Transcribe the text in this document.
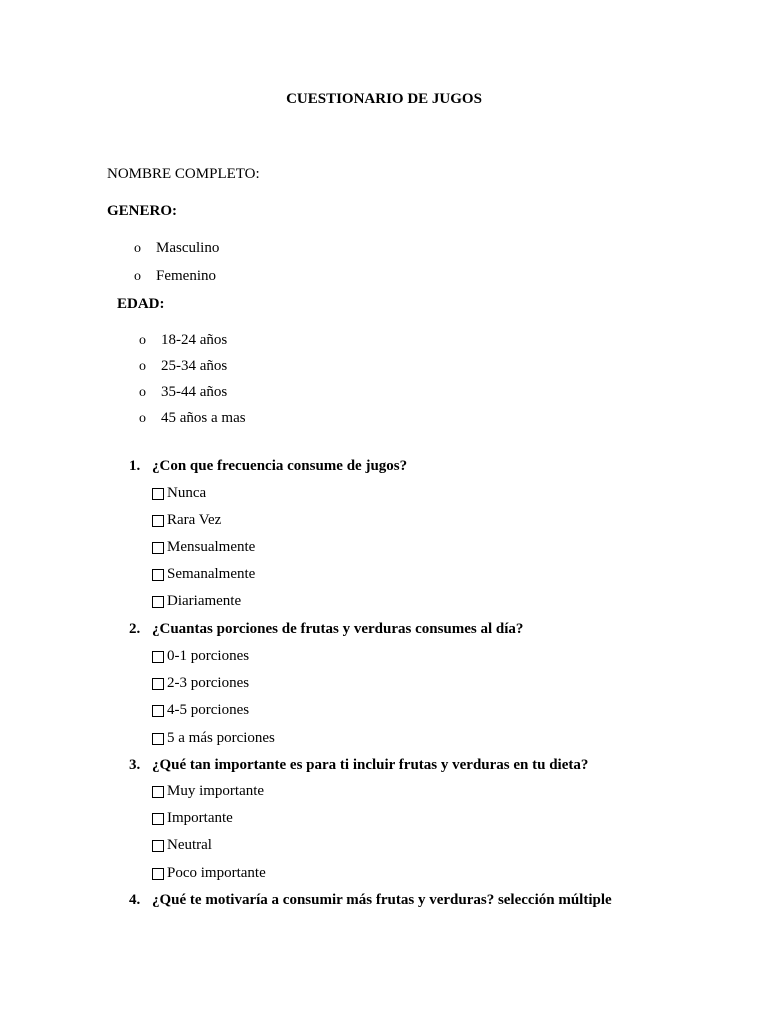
CUESTIONARIO DE JUGOS
NOMBRE COMPLETO:
GENERO:
o Masculino
o Femenino
EDAD:
o 18-24 años
o 25-34 años
o 35-44 años
o 45 años a mas
1. ¿Con que frecuencia consume de jugos?
Nunca
Rara Vez
Mensualmente
Semanalmente
Diariamente
2. ¿Cuantas porciones de frutas y verduras consumes al día?
0-1 porciones
2-3 porciones
4-5 porciones
5 a más porciones
3. ¿Qué tan importante es para ti incluir frutas y verduras en tu dieta?
Muy importante
Importante
Neutral
Poco importante
4. ¿Qué te motivaría a consumir más frutas y verduras? selección múltiple
